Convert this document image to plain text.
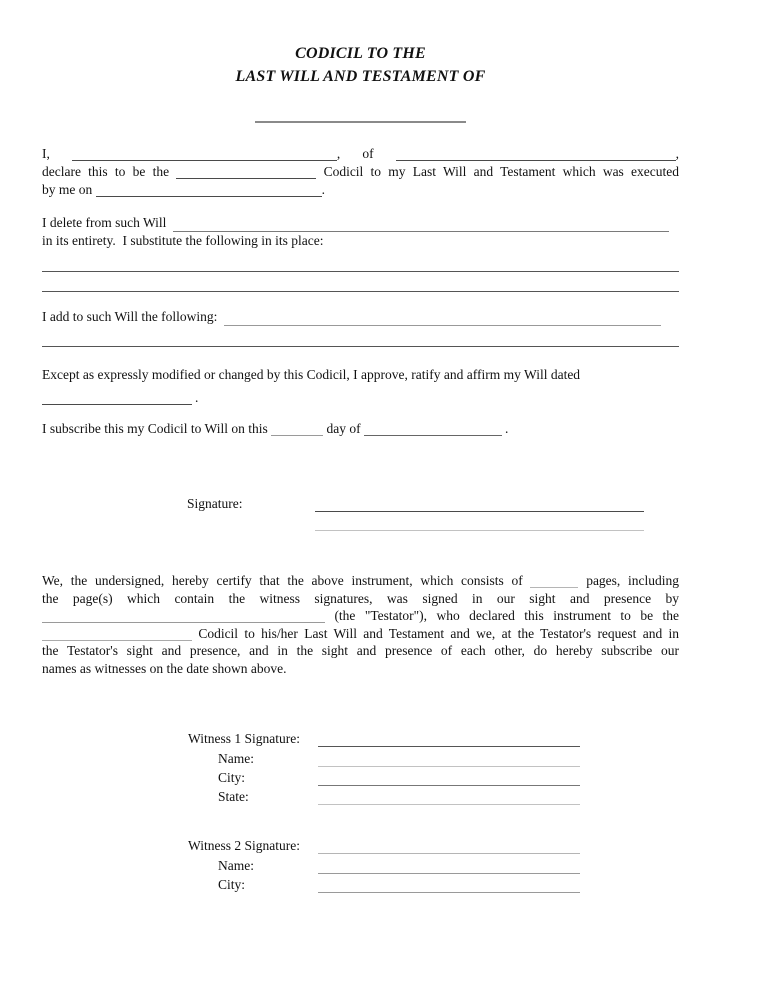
CODICIL TO THE
LAST WILL AND TESTAMENT OF
I,	, of	,
declare this to be the	Codicil to my Last Will and Testament which was executed
by me on	.
I delete from such Will
in its entirety.  I substitute the following in its place:
I add to such Will the following:
Except as expressly modified or changed by this Codicil, I approve, ratify and affirm my Will dated
.
I subscribe this my Codicil to Will on this	day of	.
Signature:
We, the undersigned, hereby certify that the above instrument, which consists of	pages, including
the page(s) which contain the witness signatures, was signed in our sight and presence by
(the "Testator"), who declared this instrument to be the
Codicil to his/her Last Will and Testament and we, at the Testator's request and in
the Testator's sight and presence, and in the sight and presence of each other, do hereby subscribe our
names as witnesses on the date shown above.
Witness 1 Signature:
Name:
City:
State:
Witness 2 Signature:
Name:
City:
